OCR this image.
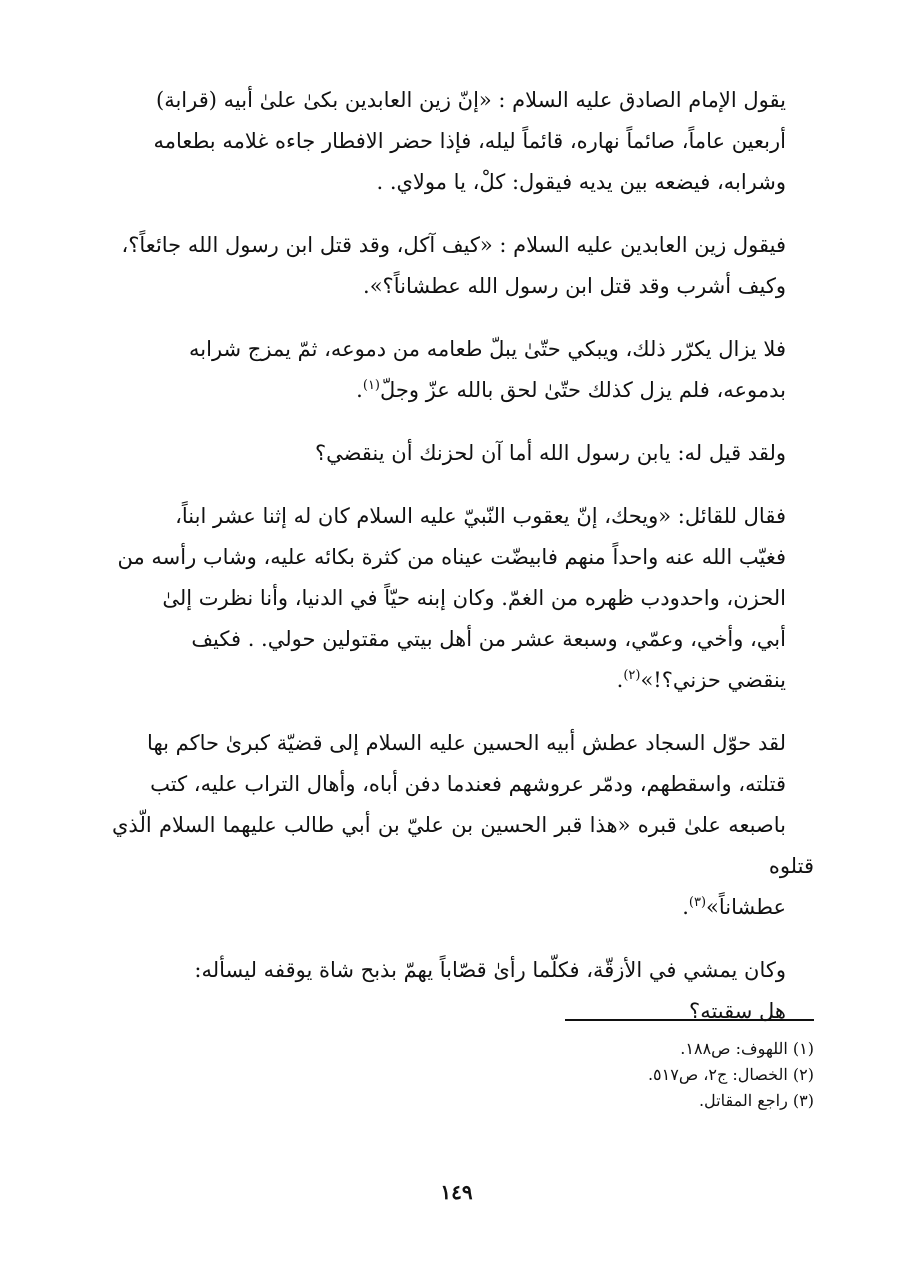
يقول الإمام الصادق عليه السلام : «إنّ زين العابدين بكىٰ علىٰ أبيه (قرابة)
أربعين عاماً، صائماً نهاره، قائماً ليله، فإذا حضر الافطار جاءه غلامه بطعامه
وشرابه، فيضعه بين يديه فيقول: كلْ، يا مولاي. .

فيقول زين العابدين عليه السلام : «كيف آكل، وقد قتل ابن رسول الله جائعاً؟،
وكيف أشرب وقد قتل ابن رسول الله عطشاناً؟».

فلا يزال يكرّر ذلك، ويبكي حتّىٰ يبلّ طعامه من دموعه، ثمّ يمزج شرابه
بدموعه، فلم يزل كذلك حتّىٰ لحق بالله عزّ وجلّ$^{(١)}$.

ولقد قيل له: يابن رسول الله أما آن لحزنك أن ينقضي؟

فقال للقائل: «ويحك، إنّ يعقوب النّبيّ عليه السلام كان له إثنا عشر ابناً،
فغيّب الله عنه واحداً منهم فابيضّت عيناه من كثرة بكائه عليه، وشاب رأسه من
الحزن، واحدودب ظهره من الغمّ. وكان إبنه حيّاً في الدنيا، وأنا نظرت إلىٰ
أبي، وأخي، وعمّي، وسبعة عشر من أهل بيتي مقتولين حولي. . فكيف
ينقضي حزني؟!»$^{(٢)}$.

لقد حوّل السجاد عطش أبيه الحسين عليه السلام إلى قضيّة كبرىٰ حاكم بها
قتلته، واسقطهم، ودمّر عروشهم فعندما دفن أباه، وأهال التراب عليه، كتب
باصبعه علىٰ قبره «هذا قبر الحسين بن عليّ بن أبي طالب عليهما السلام الّذي قتلوه
عطشاناً»$^{(٣)}$.

وكان يمشي في الأزقّة، فكلّما رأىٰ قصّاباً يهمّ بذبح شاة يوقفه ليسأله:
هل سقيته؟

(١) اللهوف: ص١٨٨.
(٢) الخصال: ج٢، ص٥١٧.
(٣) راجع المقاتل.
١٤٩
